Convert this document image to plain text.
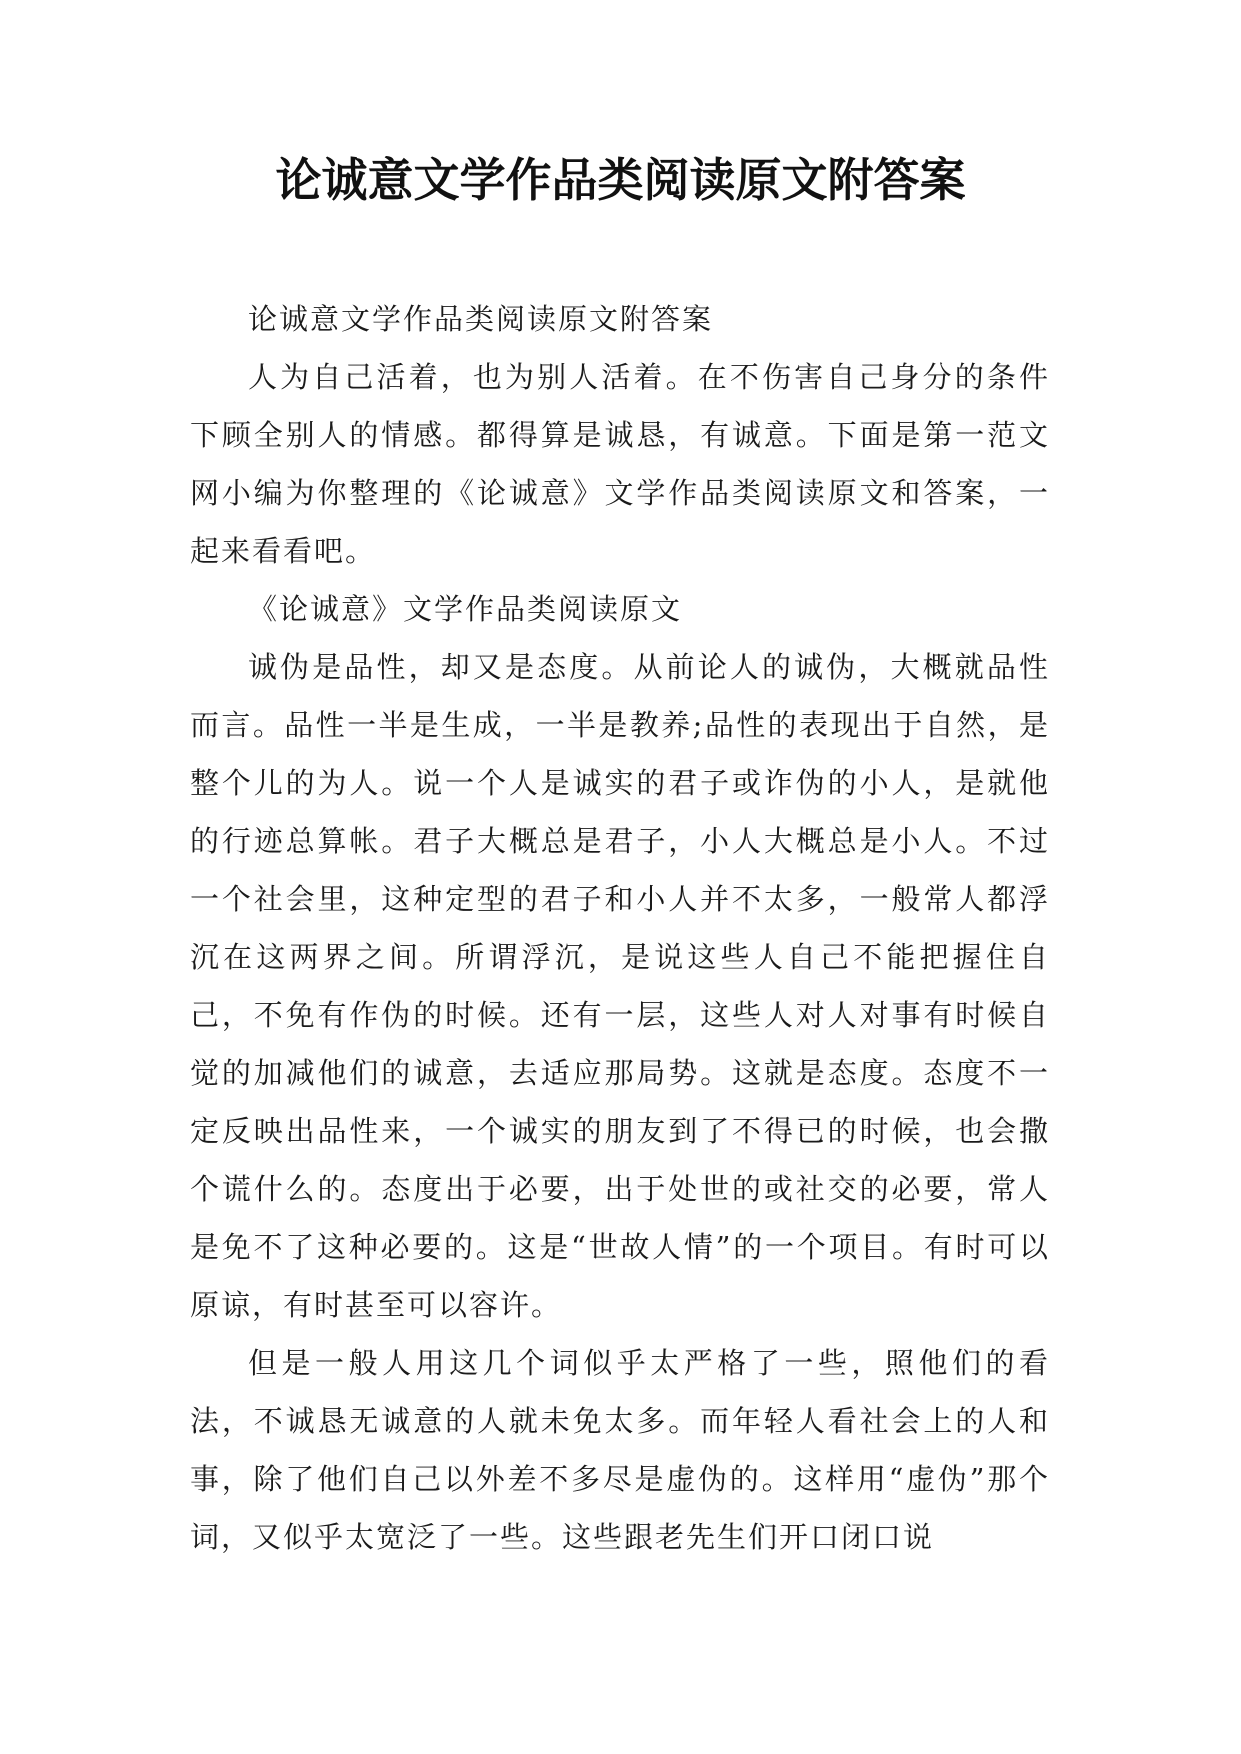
论诚意文学作品类阅读原文附答案

论诚意文学作品类阅读原文附答案

人为自己活着，也为别人活着。在不伤害自己身分的条件下顾全别人的情感。都得算是诚恳，有诚意。下面是第一范文网小编为你整理的《论诚意》文学作品类阅读原文和答案，一起来看看吧。

《论诚意》文学作品类阅读原文

诚伪是品性，却又是态度。从前论人的诚伪，大概就品性而言。品性一半是生成，一半是教养;品性的表现出于自然，是整个儿的为人。说一个人是诚实的君子或诈伪的小人，是就他的行迹总算帐。君子大概总是君子，小人大概总是小人。不过一个社会里，这种定型的君子和小人并不太多，一般常人都浮沉在这两界之间。所谓浮沉，是说这些人自己不能把握住自己，不免有作伪的时候。还有一层，这些人对人对事有时候自觉的加减他们的诚意，去适应那局势。这就是态度。态度不一定反映出品性来，一个诚实的朋友到了不得已的时候，也会撒个谎什么的。态度出于必要，出于处世的或社交的必要，常人是免不了这种必要的。这是“世故人情”的一个项目。有时可以原谅，有时甚至可以容许。

但是一般人用这几个词似乎太严格了一些，照他们的看法，不诚恳无诚意的人就未免太多。而年轻人看社会上的人和事，除了他们自己以外差不多尽是虚伪的。这样用“虚伪”那个词，又似乎太宽泛了一些。这些跟老先生们开口闭口说
